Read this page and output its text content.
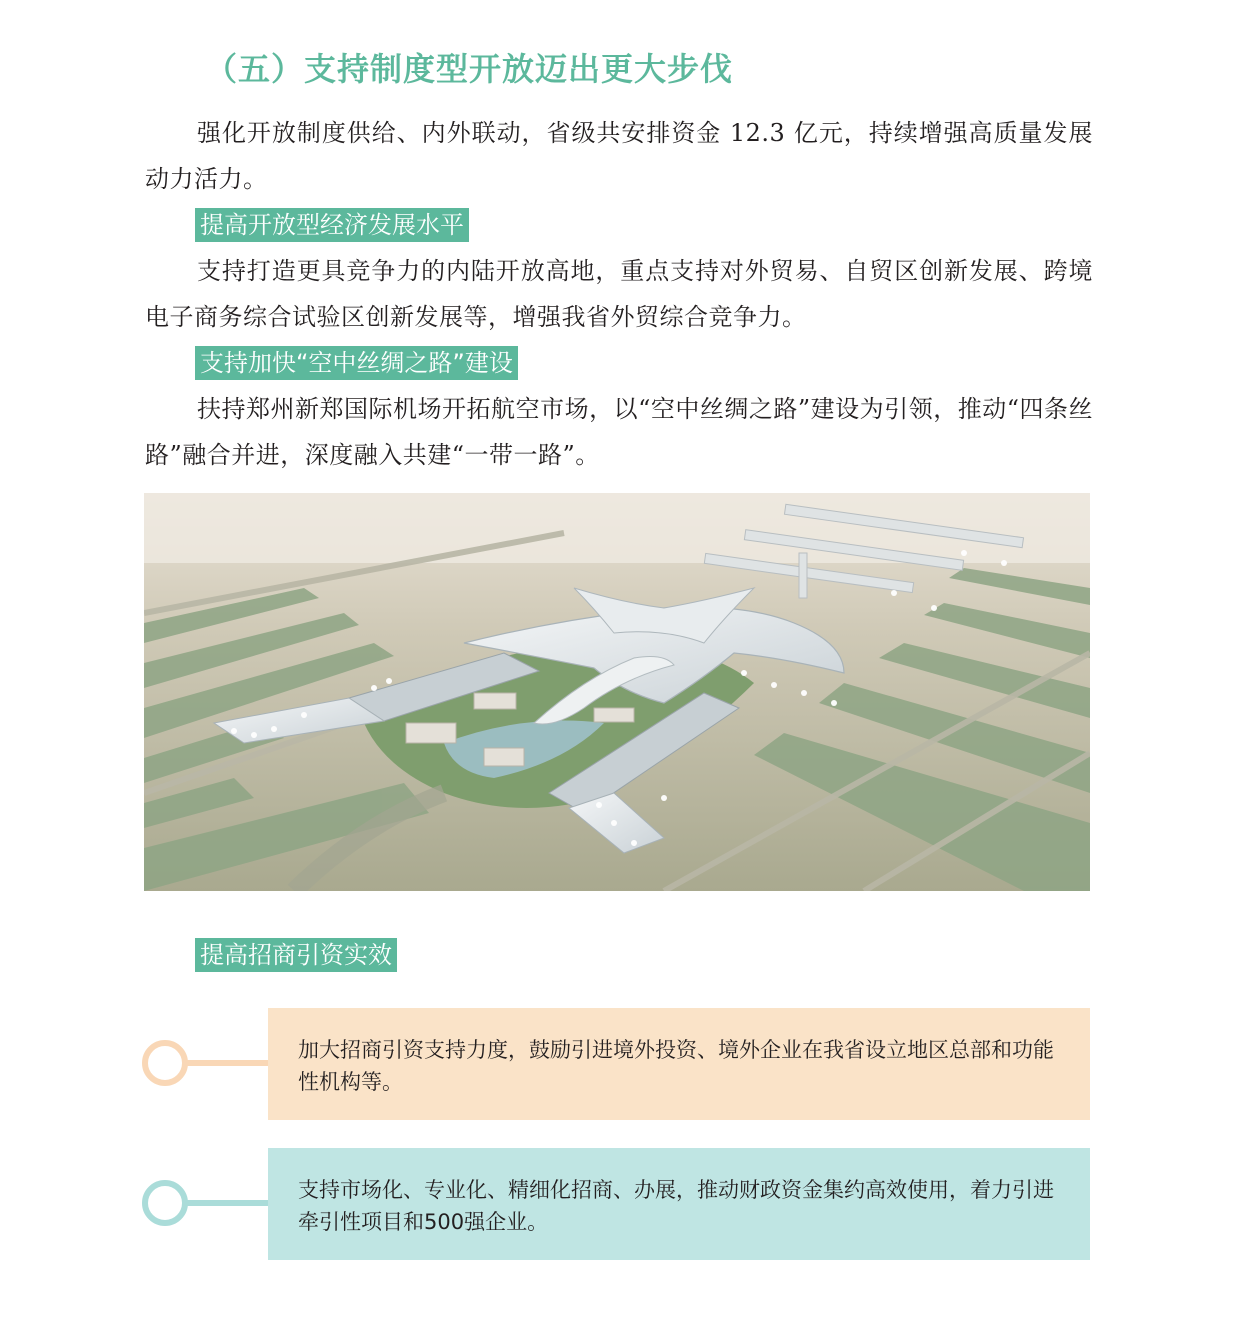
（五）支持制度型开放迈出更大步伐
强化开放制度供给、内外联动，省级共安排资金 12.3 亿元，持续增强高质量发展动力活力。
提高开放型经济发展水平
支持打造更具竞争力的内陆开放高地，重点支持对外贸易、自贸区创新发展、跨境电子商务综合试验区创新发展等，增强我省外贸综合竞争力。
支持加快“空中丝绸之路”建设
扶持郑州新郑国际机场开拓航空市场，以“空中丝绸之路”建设为引领，推动“四条丝路”融合并进，深度融入共建“一带一路”。
提高招商引资实效
加大招商引资支持力度，鼓励引进境外投资、境外企业在我省设立地区总部和功能性机构等。
支持市场化、专业化、精细化招商、办展，推动财政资金集约高效使用，着力引进牵引性项目和500强企业。
